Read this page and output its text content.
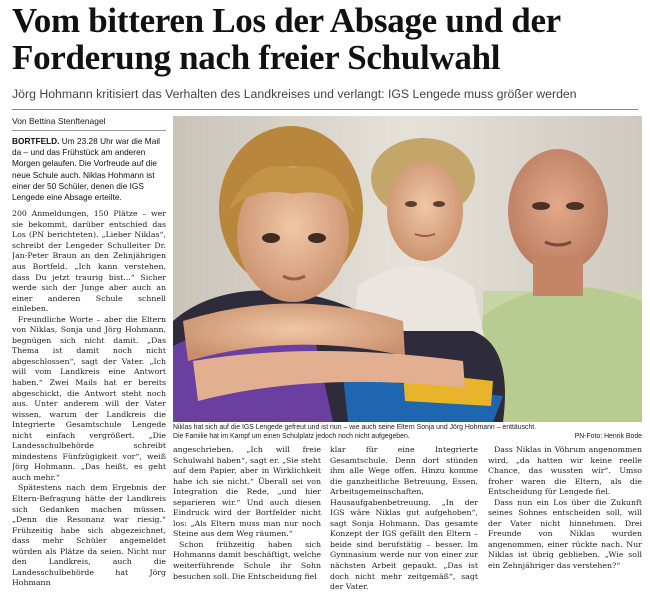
Vom bitteren Los der Absage und der Forderung nach freier Schulwahl
Jörg Hohmann kritisiert das Verhalten des Landkreises und verlangt: IGS Lengede muss größer werden
Von Bettina Stenftenagel

BORTFELD. Um 23.28 Uhr war die Mail da – und das Frühstück am anderen Morgen gelaufen. Die Vorfreude auf die neue Schule auch. Niklas Hohmann ist einer der 50 Schüler, denen die IGS Lengede eine Absage erteilte.

200 Anmeldungen, 150 Plätze – wer sie bekommt, darüber entschied das Los (PN berichteten). „Lieber Niklas“, schreibt der Lengeder Schulleiter Dr. Jan-Peter Braun an den Zehnjährigen aus Bortfeld. „Ich kann verstehen, dass Du jetzt traurig bist...“ Sicher werde sich der Junge aber auch an einer anderen Schule schnell einleben.

Freundliche Worte – aber die Eltern von Niklas, Sonja und Jörg Hohmann, begnügen sich nicht damit. „Das Thema ist damit noch nicht abgeschlossen“, sagt der Vater. „Ich will vom Landkreis eine Antwort haben.“ Zwei Mails hat er bereits abgeschickt, die Antwort steht noch aus. Unter anderem will der Vater wissen, warum der Landkreis die Integrierte Gesamtschule Lengede nicht einfach vergrößert. „Die Landesschulbehörde schreibt mindestens Fünfzügigkeit vor“, weiß Jörg Hohmann. „Das heißt, es geht auch mehr.“

Spätestens nach dem Ergebnis der Eltern-Befragung hätte der Landkreis sich Gedanken machen müssen. „Denn die Resonanz war riesig.“ Frühzeitig habe sich abgezeichnet, dass mehr Schüler angemeldet würden als Plätze da seien. Nicht nur den Landkreis, auch die Landesschulbehörde hat Jörg Hohmann

Niklas hat sich auf die IGS Lengede gefreut und ist nun – wie auch seine Eltern Sonja und Jörg Hohmann – enttäuscht.
Die Familie hat im Kampf um einen Schulplatz jedoch noch nicht aufgegeben.	PN-Foto: Henrik Bode

angeschrieben. „Ich will freie Schulwahl haben“, sagt er. „Sie steht auf dem Papier, aber in Wirklichkeit habe ich sie nicht.“ Überall sei von Integration die Rede, „und hier separieren wir.“ Und auch diesen Eindruck wird der Bortfelder nicht los: „Als Eltern muss man nur noch Steine aus dem Weg räumen.“

Schon frühzeitig haben sich Hohmanns damit beschäftigt, welche weiterführende Schule ihr Sohn besuchen soll. Die Entscheidung fiel

klar für eine Integrierte Gesamtschule. Denn dort stünden ihm alle Wege offen. Hinzu komme die ganzheitliche Betreuung, Essen, Arbeitsgemeinschaften, Hausaufgabenbetreuung. „In der IGS wäre Niklas gut aufgehoben“, sagt Sonja Hohmann. Das gesamte Konzept der IGS gefällt den Eltern – beide sind berufstätig – besser. Im Gymnasium werde nur von einer zur nächsten Arbeit gepaukt. „Das ist doch nicht mehr zeitgemäß“, sagt der Vater.

Dass Niklas in Vöhrum angenommen wird, „da hatten wir keine reelle Chance, das wussten wir“. Umso froher waren die Eltern, als die Entscheidung für Lengede fiel.

Dass nun ein Los über die Zukunft seines Sohnes entscheiden soll, will der Vater nicht hinnehmen. Drei Freunde von Niklas wurden angenommen, einer rückte nach. Nur Niklas ist übrig geblieben. „Wie soll ein Zehnjähriger das verstehen?“
